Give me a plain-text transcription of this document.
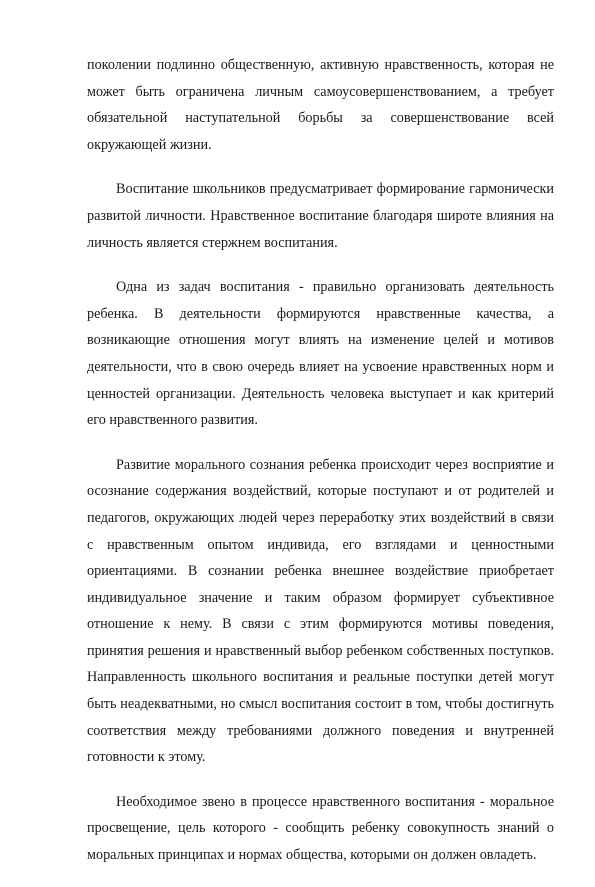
поколении подлинно общественную, активную нравственность, которая не может быть ограничена личным самоусовершенствованием, а требует обязательной наступательной борьбы за совершенствование всей окружающей жизни.

Воспитание школьников предусматривает формирование гармонически развитой личности. Нравственное воспитание благодаря широте влияния на личность является стержнем воспитания.

Одна из задач воспитания - правильно организовать деятельность ребенка. В деятельности формируются нравственные качества, а возникающие отношения могут влиять на изменение целей и мотивов деятельности, что в свою очередь влияет на усвоение нравственных норм и ценностей организации. Деятельность человека выступает и как критерий его нравственного развития.

Развитие морального сознания ребенка происходит через восприятие и осознание содержания воздействий, которые поступают и от родителей и педагогов, окружающих людей через переработку этих воздействий в связи с нравственным опытом индивида, его взглядами и ценностными ориентациями. В сознании ребенка внешнее воздействие приобретает индивидуальное значение и таким образом формирует субъективное отношение к нему. В связи с этим формируются мотивы поведения, принятия решения и нравственный выбор ребенком собственных поступков. Направленность школьного воспитания и реальные поступки детей могут быть неадекватными, но смысл воспитания состоит в том, чтобы достигнуть соответствия между требованиями должного поведения и внутренней готовности к этому.

Необходимое звено в процессе нравственного воспитания - моральное просвещение, цель которого - сообщить ребенку совокупность знаний о моральных принципах и нормах общества, которыми он должен овладеть.
